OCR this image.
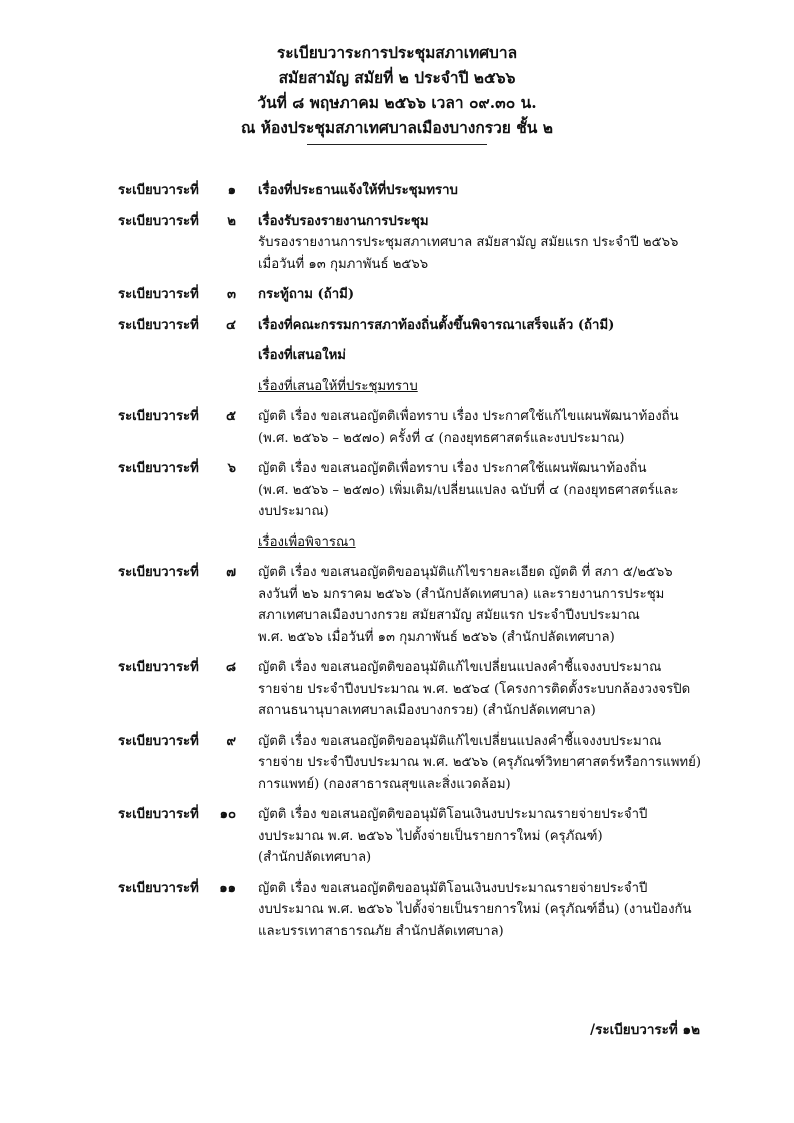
ระเบียบวาระการประชุมสภาเทศบาล
สมัยสามัญ สมัยที่ ๒ ประจำปี ๒๕๖๖
วันที่ ๘ พฤษภาคม ๒๕๖๖ เวลา ๐๙.๓๐ น.
ณ ห้องประชุมสภาเทศบาลเมืองบางกรวย ชั้น ๒
ระเบียบวาระที่ ๑ เรื่องที่ประธานแจ้งให้ที่ประชุมทราบ
ระเบียบวาระที่ ๒ เรื่องรับรองรายงานการประชุม
รับรองรายงานการประชุมสภาเทศบาล สมัยสามัญ สมัยแรก ประจำปี ๒๕๖๖
เมื่อวันที่ ๑๓ กุมภาพันธ์ ๒๕๖๖
ระเบียบวาระที่ ๓ กระทู้ถาม (ถ้ามี)
ระเบียบวาระที่ ๔ เรื่องที่คณะกรรมการสภาท้องถิ่นตั้งขึ้นพิจารณาเสร็จแล้ว (ถ้ามี)
เรื่องที่เสนอใหม่
เรื่องที่เสนอให้ที่ประชุมทราบ
ระเบียบวาระที่ ๕ ญัตติ เรื่อง ขอเสนอญัตติเพื่อทราบ เรื่อง ประกาศใช้แก้ไขแผนพัฒนาท้องถิ่น
(พ.ศ. ๒๕๖๖ – ๒๕๗๐) ครั้งที่ ๔ (กองยุทธศาสตร์และงบประมาณ)
ระเบียบวาระที่ ๖ ญัตติ เรื่อง ขอเสนอญัตติเพื่อทราบ เรื่อง ประกาศใช้แผนพัฒนาท้องถิ่น
(พ.ศ. ๒๕๖๖ – ๒๕๗๐) เพิ่มเติม/เปลี่ยนแปลง ฉบับที่ ๔ (กองยุทธศาสตร์และ
งบประมาณ)
เรื่องเพื่อพิจารณา
ระเบียบวาระที่ ๗ ญัตติ เรื่อง ขอเสนอญัตติขออนุมัติแก้ไขรายละเอียด ญัตติ ที่ สภา ๕/๒๕๖๖
ลงวันที่ ๒๖ มกราคม ๒๕๖๖ (สำนักปลัดเทศบาล) และรายงานการประชุม
สภาเทศบาลเมืองบางกรวย สมัยสามัญ สมัยแรก ประจำปีงบประมาณ
พ.ศ. ๒๕๖๖ เมื่อวันที่ ๑๓ กุมภาพันธ์ ๒๕๖๖ (สำนักปลัดเทศบาล)
ระเบียบวาระที่ ๘ ญัตติ เรื่อง ขอเสนอญัตติขออนุมัติแก้ไขเปลี่ยนแปลงคำชี้แจงงบประมาณ
รายจ่าย ประจำปีงบประมาณ พ.ศ. ๒๕๖๔ (โครงการติดตั้งระบบกล้องวงจรปิด
สถานธนานุบาลเทศบาลเมืองบางกรวย) (สำนักปลัดเทศบาล)
ระเบียบวาระที่ ๙ ญัตติ เรื่อง ขอเสนอญัตติขออนุมัติแก้ไขเปลี่ยนแปลงคำชี้แจงงบประมาณ
รายจ่าย ประจำปีงบประมาณ พ.ศ. ๒๕๖๖ (ครุภัณฑ์วิทยาศาสตร์หรือการแพทย์)
การแพทย์) (กองสาธารณสุขและสิ่งแวดล้อม)
ระเบียบวาระที่ ๑๐ ญัตติ เรื่อง ขอเสนอญัตติขออนุมัติโอนเงินงบประมาณรายจ่ายประจำปี
งบประมาณ พ.ศ. ๒๕๖๖ ไปตั้งจ่ายเป็นรายการใหม่ (ครุภัณฑ์)
(สำนักปลัดเทศบาล)
ระเบียบวาระที่ ๑๑ ญัตติ เรื่อง ขอเสนอญัตติขออนุมัติโอนเงินงบประมาณรายจ่ายประจำปี
งบประมาณ พ.ศ. ๒๕๖๖ ไปตั้งจ่ายเป็นรายการใหม่ (ครุภัณฑ์อื่น) (งานป้องกัน
และบรรเทาสาธารณภัย สำนักปลัดเทศบาล)
/ระเบียบวาระที่ ๑๒
